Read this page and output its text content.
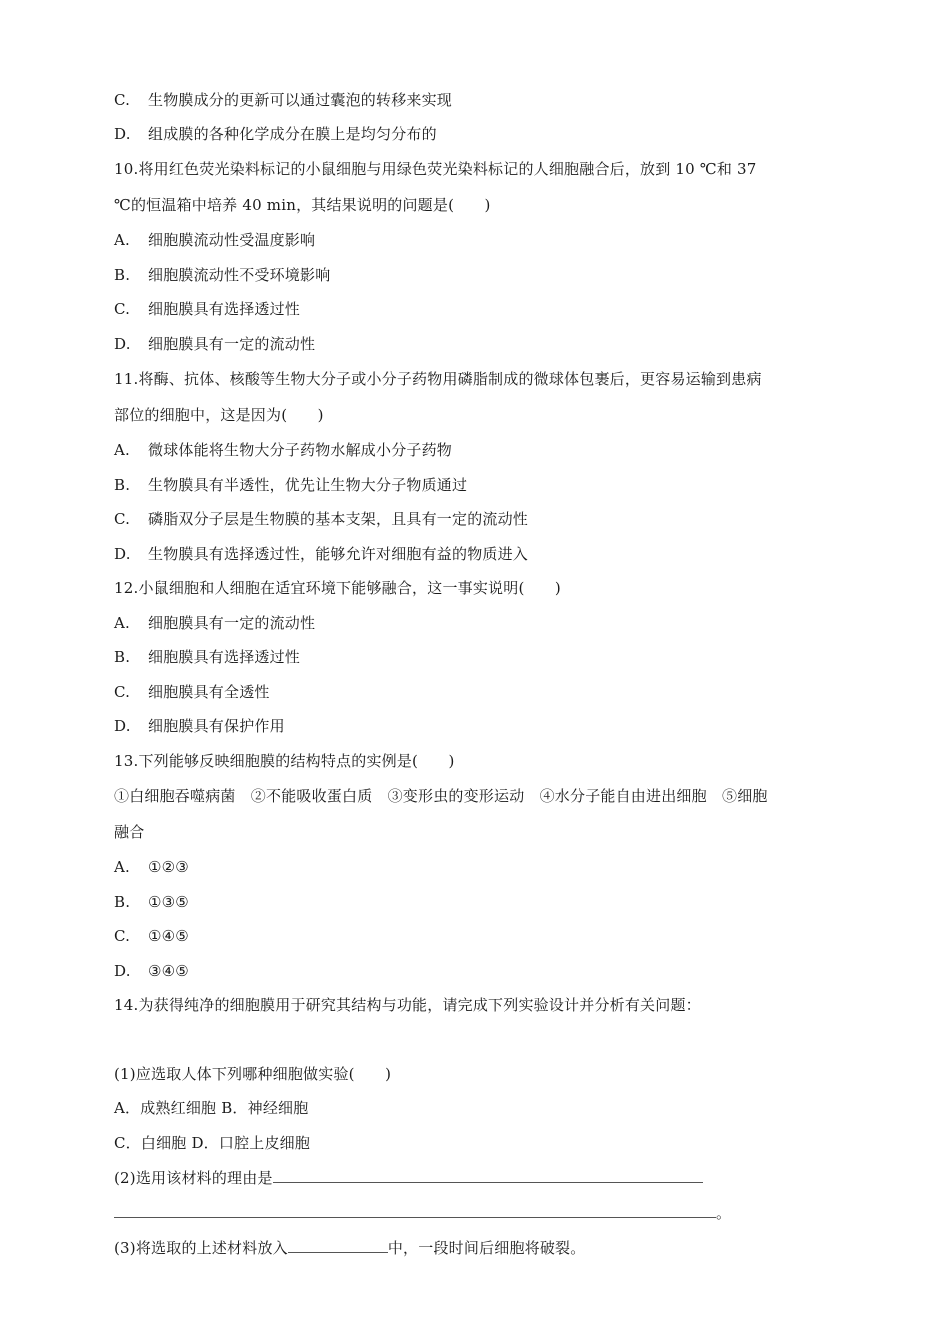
C. 生物膜成分的更新可以通过囊泡的转移来实现
D. 组成膜的各种化学成分在膜上是均匀分布的
10.将用红色荧光染料标记的小鼠细胞与用绿色荧光染料标记的人细胞融合后，放到 10 ℃和 37
℃的恒温箱中培养 40 min，其结果说明的问题是(　　)
A. 细胞膜流动性受温度影响
B. 细胞膜流动性不受环境影响
C. 细胞膜具有选择透过性
D. 细胞膜具有一定的流动性
11.将酶、抗体、核酸等生物大分子或小分子药物用磷脂制成的微球体包裹后，更容易运输到患病
部位的细胞中，这是因为(　　)
A. 微球体能将生物大分子药物水解成小分子药物
B. 生物膜具有半透性，优先让生物大分子物质通过
C. 磷脂双分子层是生物膜的基本支架，且具有一定的流动性
D. 生物膜具有选择透过性，能够允许对细胞有益的物质进入
12.小鼠细胞和人细胞在适宜环境下能够融合，这一事实说明(　　)
A. 细胞膜具有一定的流动性
B. 细胞膜具有选择透过性
C. 细胞膜具有全透性
D. 细胞膜具有保护作用
13.下列能够反映细胞膜的结构特点的实例是(　　)
①白细胞吞噬病菌　②不能吸收蛋白质　③变形虫的变形运动　④水分子能自由进出细胞　⑤细胞
融合
A. ①②③
B. ①③⑤
C. ①④⑤
D. ③④⑤
14.为获得纯净的细胞膜用于研究其结构与功能，请完成下列实验设计并分析有关问题：
(1)应选取人体下列哪种细胞做实验(　　)
A．成熟红细胞 B．神经细胞
C．白细胞 D．口腔上皮细胞
(2)选用该材料的理由是
。
(3)将选取的上述材料放入	中，一段时间后细胞将破裂。
